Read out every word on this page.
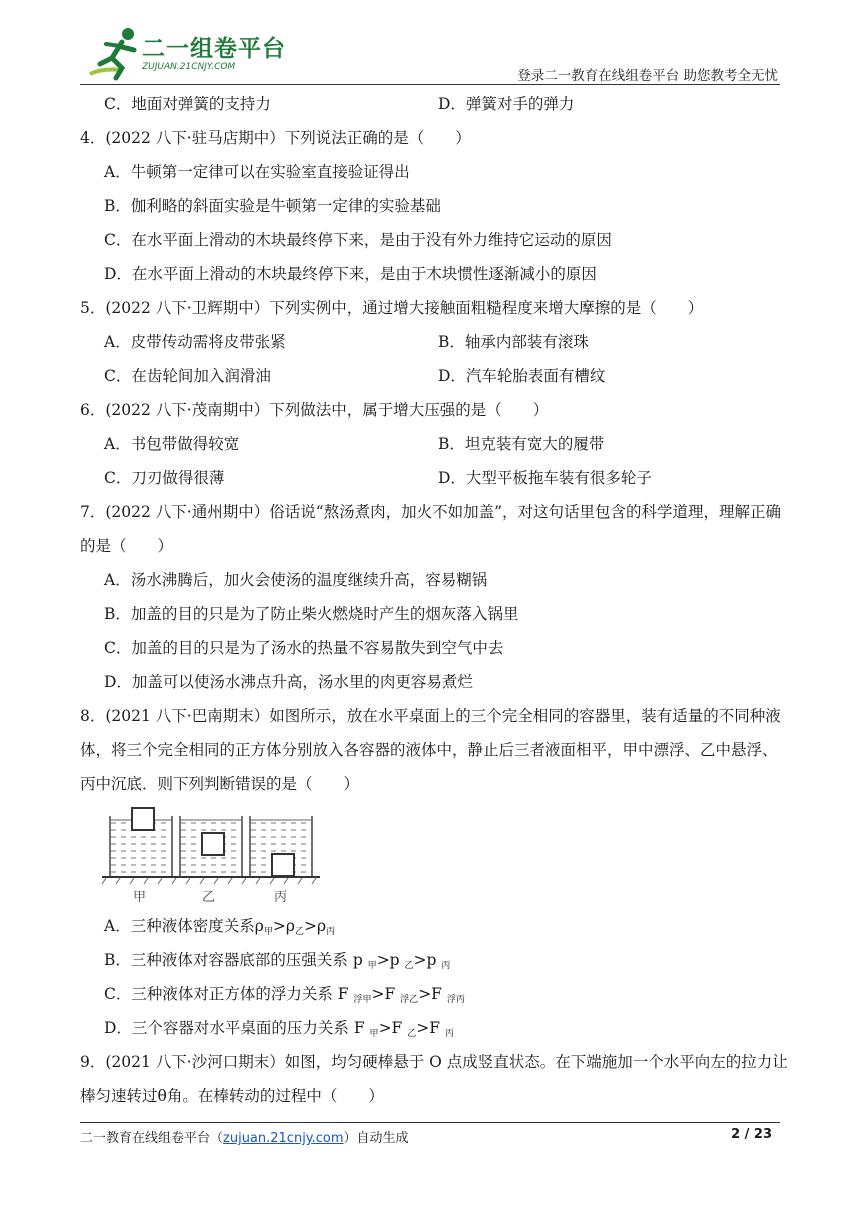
二一组卷平台
ZUJUAN.21CNJY.COM
登录二一教育在线组卷平台 助您教考全无忧
C．地面对弹簧的支持力	D．弹簧对手的弹力
4．(2022 八下·驻马店期中）下列说法正确的是（　　）
A．牛顿第一定律可以在实验室直接验证得出
B．伽利略的斜面实验是牛顿第一定律的实验基础
C．在水平面上滑动的木块最终停下来，是由于没有外力维持它运动的原因
D．在水平面上滑动的木块最终停下来，是由于木块惯性逐渐减小的原因
5．(2022 八下·卫辉期中）下列实例中，通过增大接触面粗糙程度来增大摩擦的是（　　）
A．皮带传动需将皮带张紧	B．轴承内部装有滚珠
C．在齿轮间加入润滑油	D．汽车轮胎表面有槽纹
6．(2022 八下·茂南期中）下列做法中，属于增大压强的是（　　）
A．书包带做得较宽	B．坦克装有宽大的履带
C．刀刃做得很薄	D．大型平板拖车装有很多轮子
7．(2022 八下·通州期中）俗话说“熬汤煮肉，加火不如加盖”，对这句话里包含的科学道理，理解正确
的是（　　）
A．汤水沸腾后，加火会使汤的温度继续升高，容易糊锅
B．加盖的目的只是为了防止柴火燃烧时产生的烟灰落入锅里
C．加盖的目的只是为了汤水的热量不容易散失到空气中去
D．加盖可以使汤水沸点升高，汤水里的肉更容易煮烂
8．(2021 八下·巴南期末）如图所示，放在水平桌面上的三个完全相同的容器里，装有适量的不同种液
体，将三个完全相同的正方体分别放入各容器的液体中，静止后三者液面相平，甲中漂浮、乙中悬浮、
丙中沉底．则下列判断错误的是（　　）
甲	乙	丙
A．三种液体密度关系$\rho_甲>\rho_乙>\rho_丙$
B．三种液体对容器底部的压强关系 p $_甲$>p $_乙$>p $_丙$
C．三种液体对正方体的浮力关系 F $_{浮甲}$>F $_{浮乙}$>F $_{浮丙}$
D．三个容器对水平桌面的压力关系 F $_甲$>F $_乙$>F $_丙$
9．(2021 八下·沙河口期末）如图，均匀硬棒悬于 O 点成竖直状态。在下端施加一个水平向左的拉力让
棒匀速转过θ角。在棒转动的过程中（　　）
二一教育在线组卷平台（zujuan.21cnjy.com）自动生成	2 / 23
